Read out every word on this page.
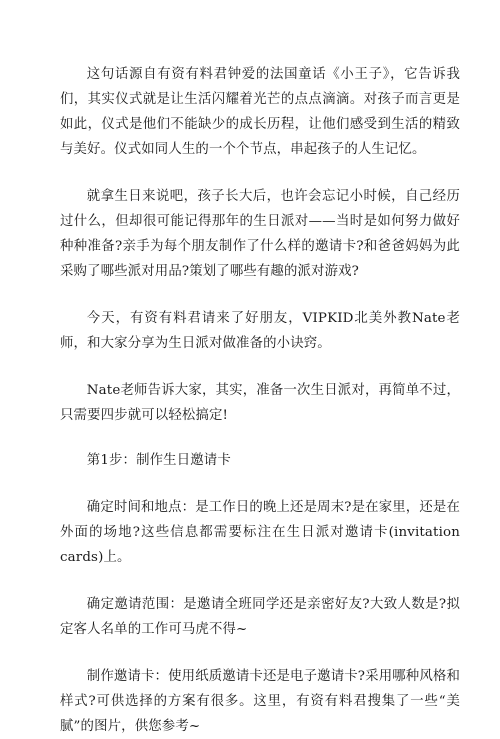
这句话源自有资有料君钟爱的法国童话《小王子》，它告诉我们，其实仪式就是让生活闪耀着光芒的点点滴滴。对孩子而言更是如此，仪式是他们不能缺少的成长历程，让他们感受到生活的精致与美好。仪式如同人生的一个个节点，串起孩子的人生记忆。

就拿生日来说吧，孩子长大后，也许会忘记小时候，自己经历过什么，但却很可能记得那年的生日派对——当时是如何努力做好种种准备?亲手为每个朋友制作了什么样的邀请卡?和爸爸妈妈为此采购了哪些派对用品?策划了哪些有趣的派对游戏?

今天，有资有料君请来了好朋友，VIPKID北美外教Nate老师，和大家分享为生日派对做准备的小诀窍。

Nate老师告诉大家，其实，准备一次生日派对，再简单不过，只需要四步就可以轻松搞定!

第1步：制作生日邀请卡

确定时间和地点：是工作日的晚上还是周末?是在家里，还是在外面的场地?这些信息都需要标注在生日派对邀请卡(invitation cards)上。

确定邀请范围：是邀请全班同学还是亲密好友?大致人数是?拟定客人名单的工作可马虎不得~

制作邀请卡：使用纸质邀请卡还是电子邀请卡?采用哪种风格和样式?可供选择的方案有很多。这里，有资有料君搜集了一些“美腻”的图片，供您参考~
